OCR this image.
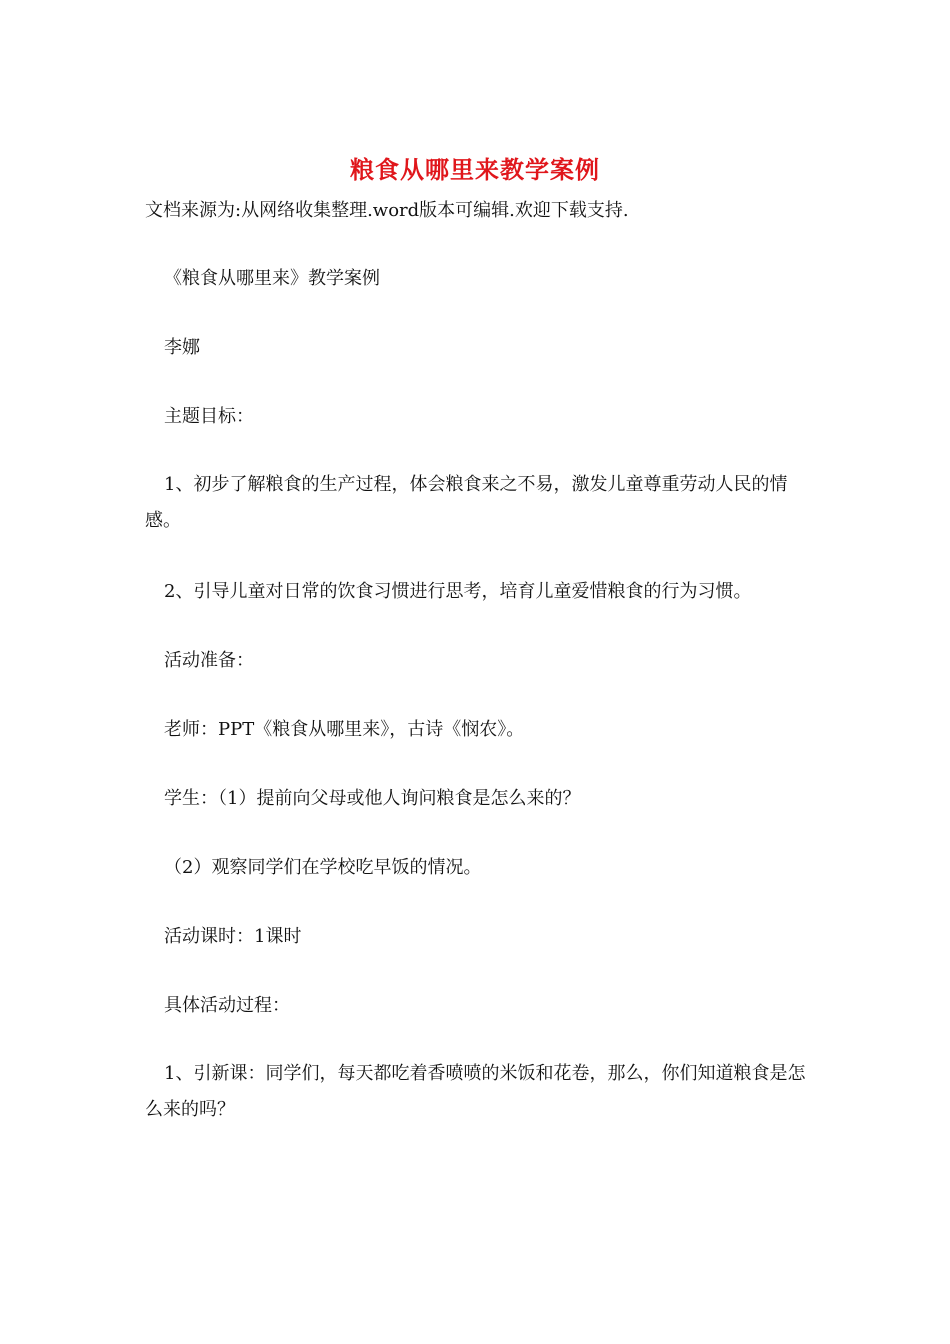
粮食从哪里来教学案例
文档来源为:从网络收集整理.word版本可编辑.欢迎下载支持.
《粮食从哪里来》教学案例
李娜
主题目标：
1、初步了解粮食的生产过程，体会粮食来之不易，激发儿童尊重劳动人民的情感。
2、引导儿童对日常的饮食习惯进行思考，培育儿童爱惜粮食的行为习惯。
活动准备：
老师：PPT《粮食从哪里来》，古诗《悯农》。
学生：（1）提前向父母或他人询问粮食是怎么来的？
（2）观察同学们在学校吃早饭的情况。
活动课时：1课时
具体活动过程：
1、引新课：同学们，每天都吃着香喷喷的米饭和花卷，那么，你们知道粮食是怎么来的吗？
